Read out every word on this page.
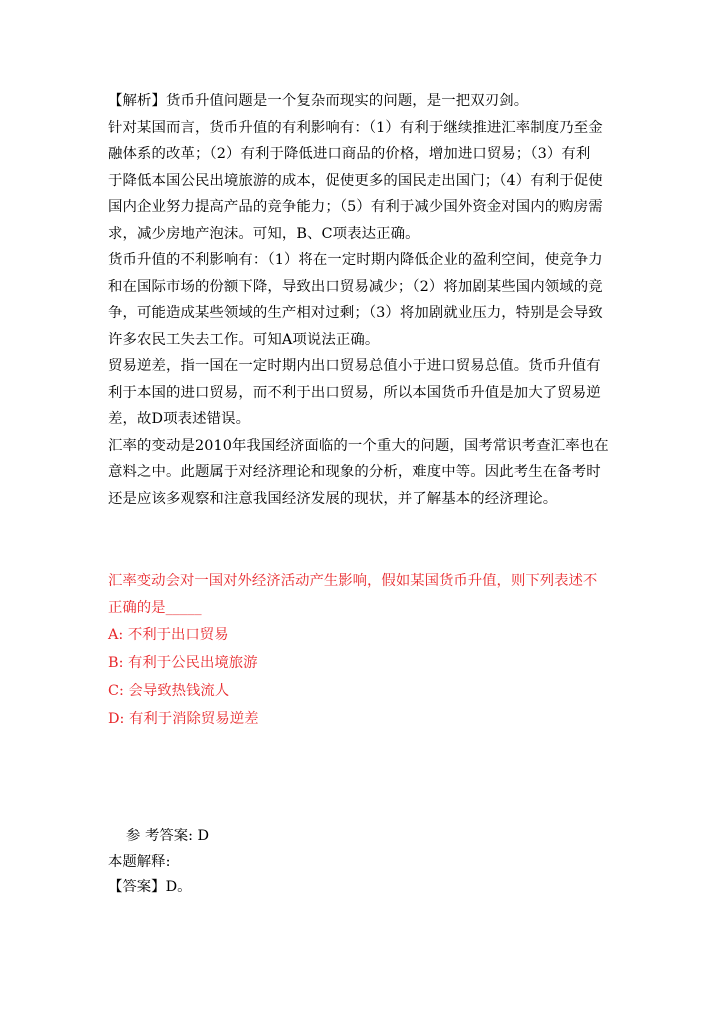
【解析】货币升值问题是一个复杂而现实的问题，是一把双刃剑。
针对某国而言，货币升值的有利影响有：（1）有利于继续推进汇率制度乃至金
融体系的改革；（2）有利于降低进口商品的价格，增加进口贸易；（3）有利
于降低本国公民出境旅游的成本，促使更多的国民走出国门；（4）有利于促使
国内企业努力提高产品的竞争能力；（5）有利于减少国外资金对国内的购房需
求，减少房地产泡沫。可知，B、C项表达正确。
货币升值的不利影响有：（1）将在一定时期内降低企业的盈利空间，使竞争力
和在国际市场的份额下降，导致出口贸易减少；（2）将加剧某些国内领域的竞
争，可能造成某些领域的生产相对过剩；（3）将加剧就业压力，特别是会导致
许多农民工失去工作。可知A项说法正确。
贸易逆差，指一国在一定时期内出口贸易总值小于进口贸易总值。货币升值有
利于本国的进口贸易，而不利于出口贸易，所以本国货币升值是加大了贸易逆
差，故D项表述错误。
汇率的变动是2010年我国经济面临的一个重大的问题，国考常识考查汇率也在
意料之中。此题属于对经济理论和现象的分析，难度中等。因此考生在备考时
还是应该多观察和注意我国经济发展的现状，并了解基本的经济理论。
汇率变动会对一国对外经济活动产生影响，假如某国货币升值，则下列表述不
正确的是_____
A: 不利于出口贸易
B: 有利于公民出境旅游
C: 会导致热钱流人
D: 有利于消除贸易逆差
参 考答案: D
本题解释:
【答案】D。
